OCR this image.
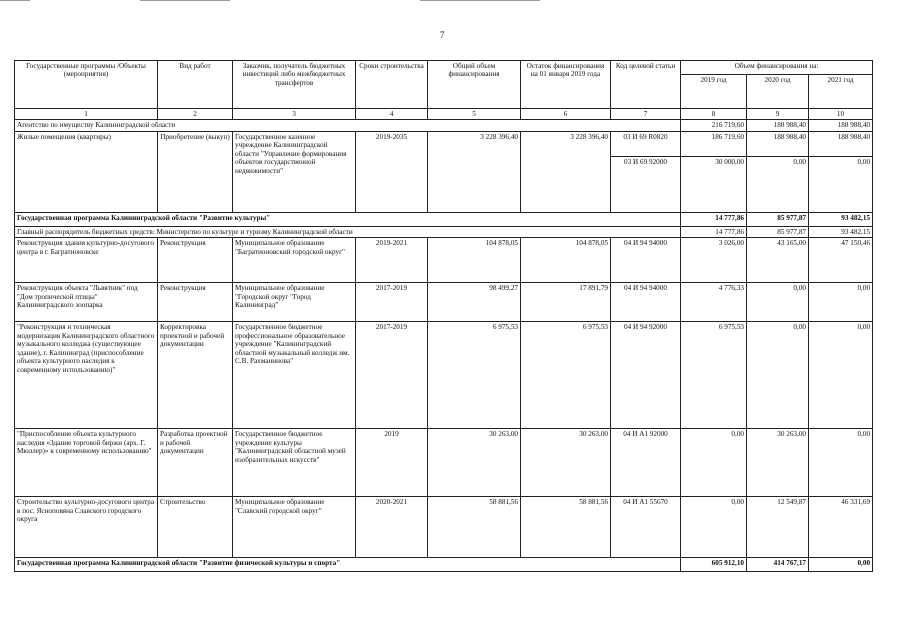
7
Государственные программы /Объекты (мероприятия)	Вид работ	Заказчик, получатель бюджетных инвестиций либо межбюджетных трансфертов	Сроки строительства	Общий объем финансирования	Остаток финансирования на 01 января 2019 года	Код целевой статьи	Объем финансирования на:		
							2019 год	2020 год	2021 год
1	2	3	4	5	6	7	8	9	10
Агентство по имуществу Калининградской области							216 719,60	188 988,40	188 988,40
Жилые помещения (квартиры)	Приобретение (выкуп)	Государственное казенное учреждение Калининградской области "Управление формирования объектов государственной недвижимости"	2019-2035	3 228 396,40	3 228 396,40	03 И 69 R0820	186 719,60	188 988,40	188 988,40
						03 И 69 92000	30 000,00	0,00	0,00
Государственная программа Калининградской области "Развитие культуры"							14 777,86	85 977,87	93 482,15
Главный распорядитель бюджетных средств: Министерство по культуре и туризму Калининградской области							14 777,86	85 977,87	93 482,15
Реконструкция здания культурно-досугового центра в г. Багратионовске	Реконструкция	Муниципальное образование "Багратионовский городской округ"	2019-2021	104 878,05	104 878,05	04 И 94 94000	3 026,00	43 165,00	47 150,46
Реконструкция объекта "Львятник" под "Дом тропической птицы" Калининградского зоопарка	Реконструкция	Муниципальное образование "Городской округ "Город Калининград"	2017-2019	98 499,27	17 891,79	04 И 94 94000	4 776,33	0,00	0,00
"Реконструкция и техническая модернизация Калининградского областного музыкального колледжа (существующее здание), г. Калининград (приспособление объекта культурного наследия к современному использованию)"	Корректировка проектной и рабочей документации	Государственное бюджетное профессиональное образовательное учреждение "Калининградский областной музыкальный колледж им. С.В. Рахманинова"	2017-2019	6 975,53	6 975,53	04 И 94 92000	6 975,53	0,00	0,00
"Приспособление объекта культурного наследия «Здание торговой биржи (арх. Г. Мюллер)» к современному использованию"	Разработка проектной и рабочей документации	Государственное бюджетное учреждение культуры "Калининградский областной музей изобразительных искусств"	2019	30 263,00	30 263,00	04 И А1 92000	0,00	30 263,00	0,00
Строительство культурно-досугового центра в пос. Ясноповяна Славского городского округа	Строительство	Муниципальное образование "Славский городской округ"	2020-2021	58 881,56	58 881,56	04 И А1 55670	0,00	12 549,87	46 331,69
Государственная программа Калининградской области "Развитие физической культуры и спорта"							605 912,10	414 767,17	0,00
